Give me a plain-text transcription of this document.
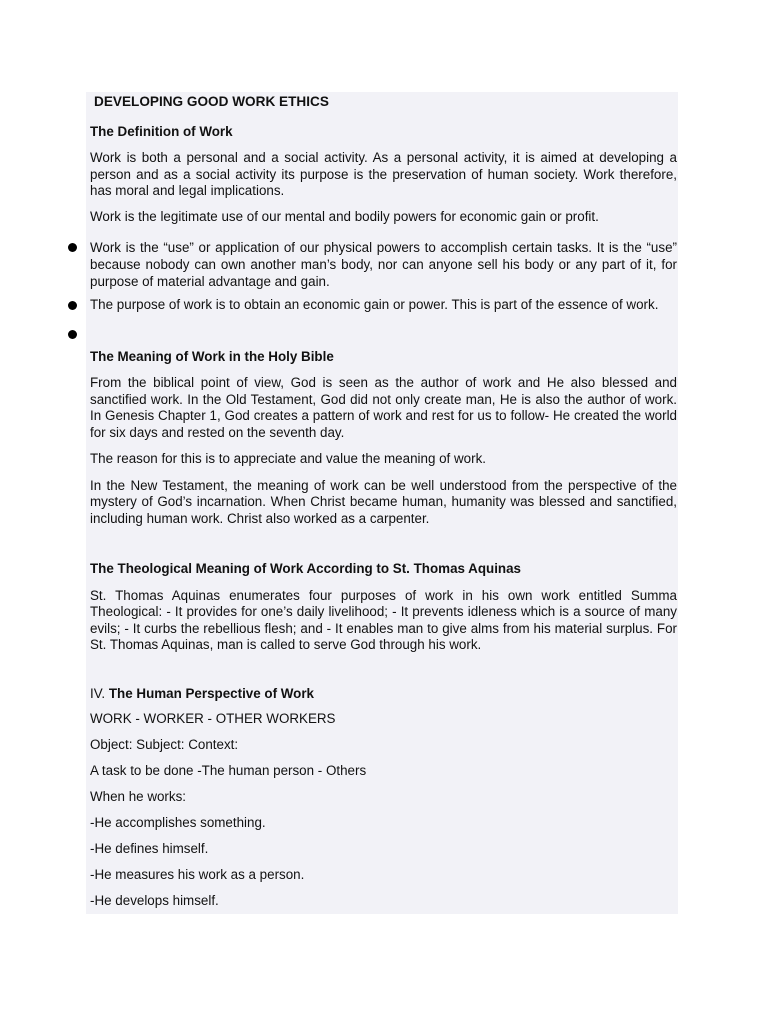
DEVELOPING GOOD WORK ETHICS

The Definition of Work

Work is both a personal and a social activity. As a personal activity, it is aimed at developing a person and as a social activity its purpose is the preservation of human society. Work therefore, has moral and legal implications.

Work is the legitimate use of our mental and bodily powers for economic gain or profit.

Work is the “use” or application of our physical powers to accomplish certain tasks. It is the “use” because nobody can own another man’s body, nor can anyone sell his body or any part of it, for purpose of material advantage and gain.

The purpose of work is to obtain an economic gain or power. This is part of the essence of work.

The Meaning of Work in the Holy Bible

From the biblical point of view, God is seen as the author of work and He also blessed and sanctified work. In the Old Testament, God did not only create man, He is also the author of work. In Genesis Chapter 1, God creates a pattern of work and rest for us to follow- He created the world for six days and rested on the seventh day.

The reason for this is to appreciate and value the meaning of work.

In the New Testament, the meaning of work can be well understood from the perspective of the mystery of God’s incarnation. When Christ became human, humanity was blessed and sanctified, including human work. Christ also worked as a carpenter.

The Theological Meaning of Work According to St. Thomas Aquinas

St. Thomas Aquinas enumerates four purposes of work in his own work entitled Summa Theological: - It provides for one’s daily livelihood; - It prevents idleness which is a source of many evils; - It curbs the rebellious flesh; and - It enables man to give alms from his material surplus. For St. Thomas Aquinas, man is called to serve God through his work.

IV. The Human Perspective of Work

WORK - WORKER - OTHER WORKERS

Object: Subject: Context:

A task to be done -The human person - Others

When he works:

-He accomplishes something.

-He defines himself.

-He measures his work as a person.

-He develops himself.
